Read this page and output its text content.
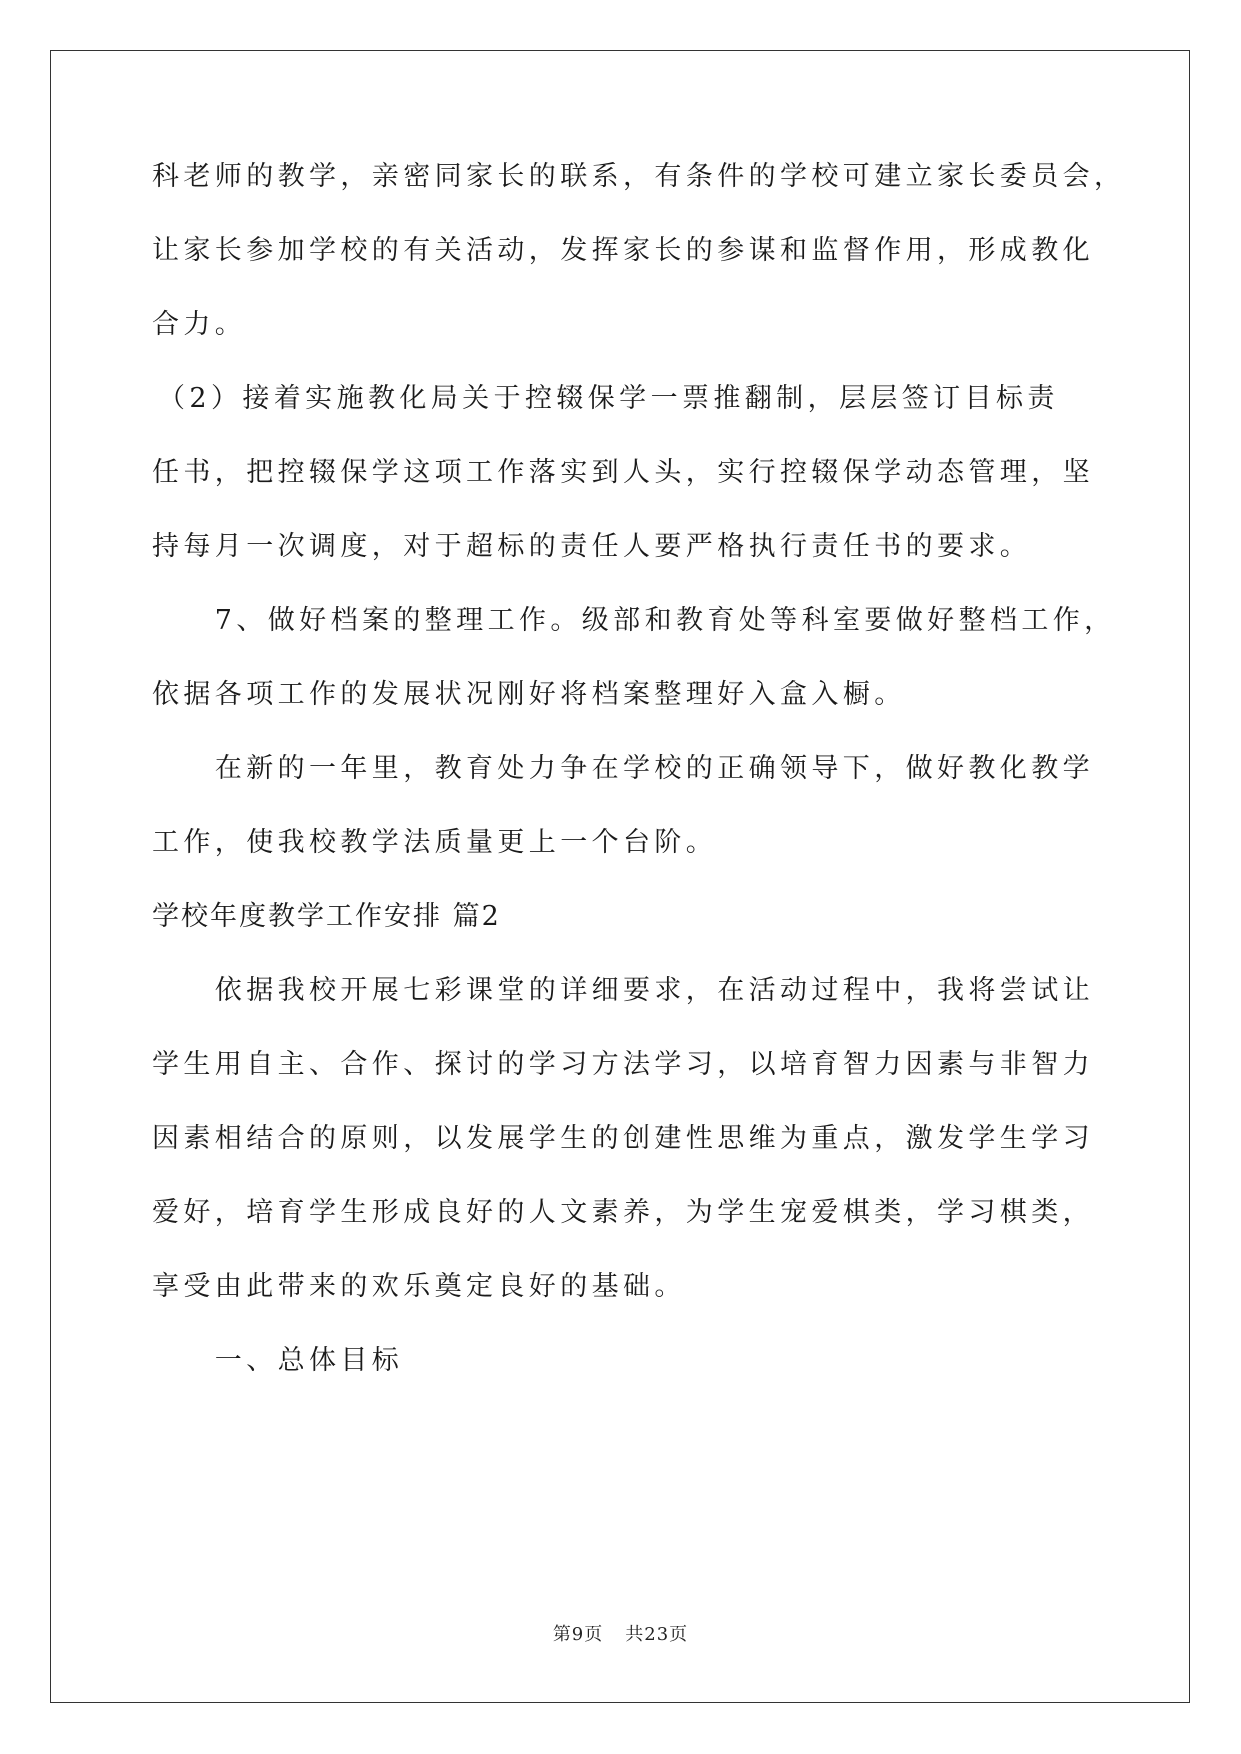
科老师的教学，亲密同家长的联系，有条件的学校可建立家长委员会，
让家长参加学校的有关活动，发挥家长的参谋和监督作用，形成教化
合力。
（2）接着实施教化局关于控辍保学一票推翻制，层层签订目标责
任书，把控辍保学这项工作落实到人头，实行控辍保学动态管理，坚
持每月一次调度，对于超标的责任人要严格执行责任书的要求。
　　7、做好档案的整理工作。级部和教育处等科室要做好整档工作，
依据各项工作的发展状况刚好将档案整理好入盒入橱。
　　在新的一年里，教育处力争在学校的正确领导下，做好教化教学
工作，使我校教学法质量更上一个台阶。
学校年度教学工作安排 篇2
　　依据我校开展七彩课堂的详细要求，在活动过程中，我将尝试让
学生用自主、合作、探讨的学习方法学习，以培育智力因素与非智力
因素相结合的原则，以发展学生的创建性思维为重点，激发学生学习
爱好，培育学生形成良好的人文素养，为学生宠爱棋类，学习棋类，
享受由此带来的欢乐奠定良好的基础。
　　一、总体目标
第9页 共23页
